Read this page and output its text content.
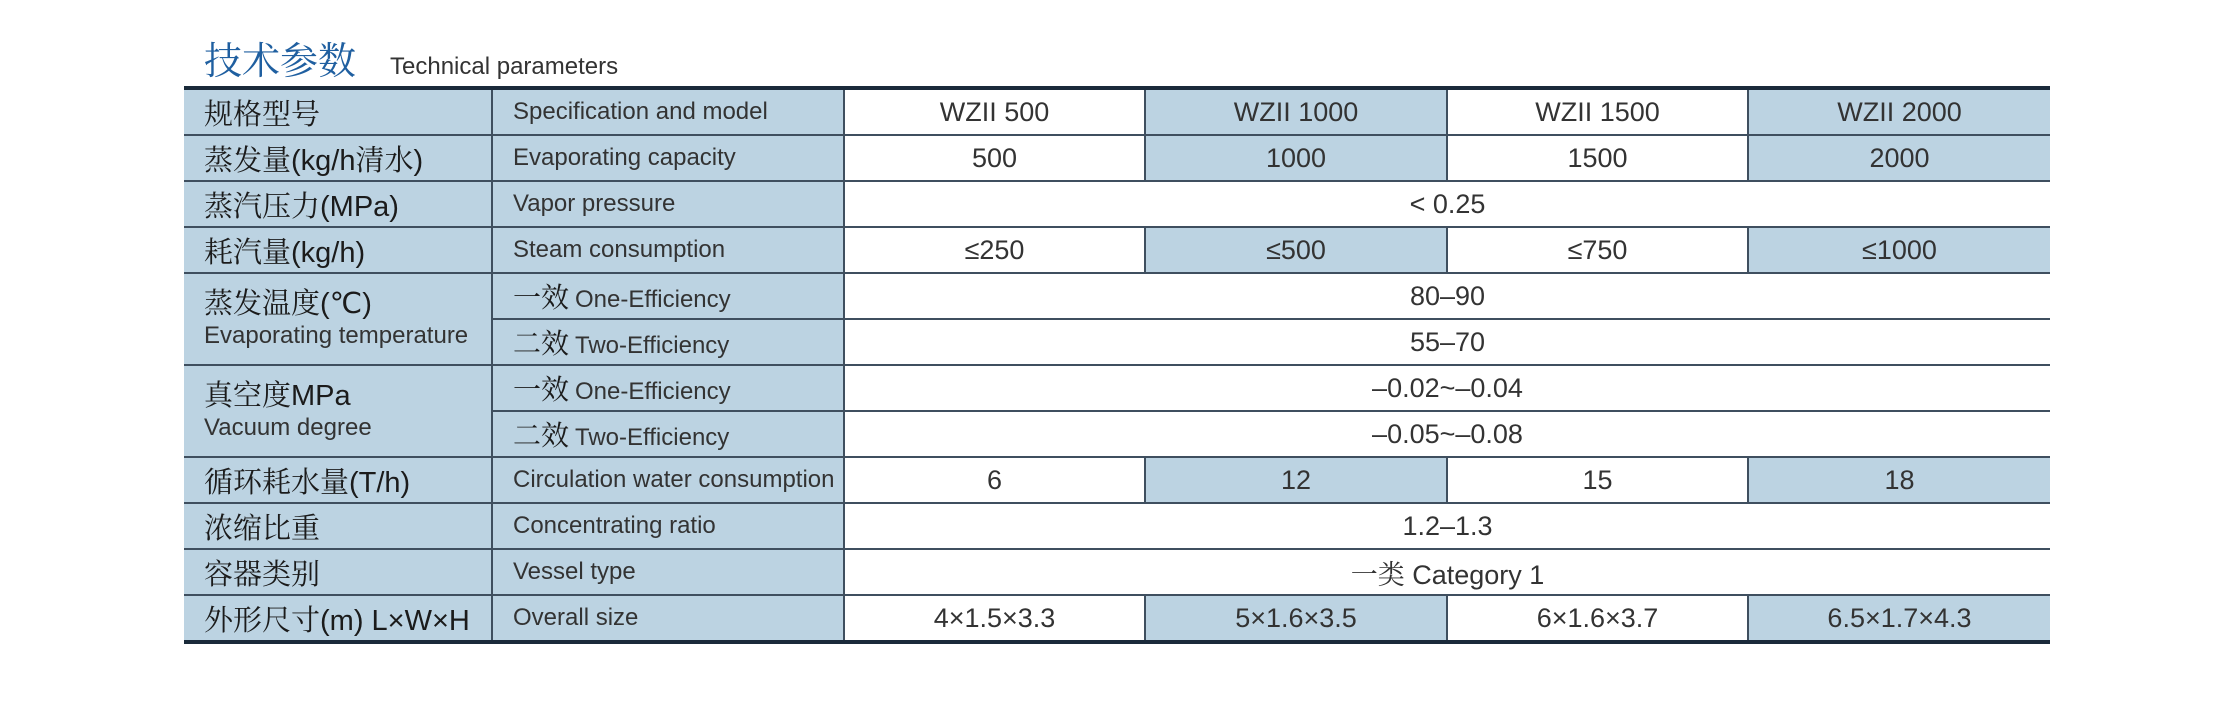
技术参数 Technical parameters
规格型号	Specification and model	WZII 500	WZII 1000	WZII 1500	WZII 2000
蒸发量(kg/h清水)	Evaporating capacity	500	1000	1500	2000
蒸汽压力(MPa)	Vapor pressure	< 0.25			
耗汽量(kg/h)	Steam consumption	≤250	≤500	≤750	≤1000

蒸发温度(℃)
Evaporating temperature	一效 One-Efficiency	80–90			
	二效 Two-Efficiency	55–70			

真空度MPa
Vacuum degree	一效 One-Efficiency	–0.02~–0.04			
	二效 Two-Efficiency	–0.05~–0.08			
循环耗水量(T/h)	Circulation water consumption	6	12	15	18
浓缩比重	Concentrating ratio	1.2–1.3			
容器类别	Vessel type	一类 Category 1			
外形尺寸(m) L×W×H	Overall size	4×1.5×3.3	5×1.6×3.5	6×1.6×3.7	6.5×1.7×4.3
